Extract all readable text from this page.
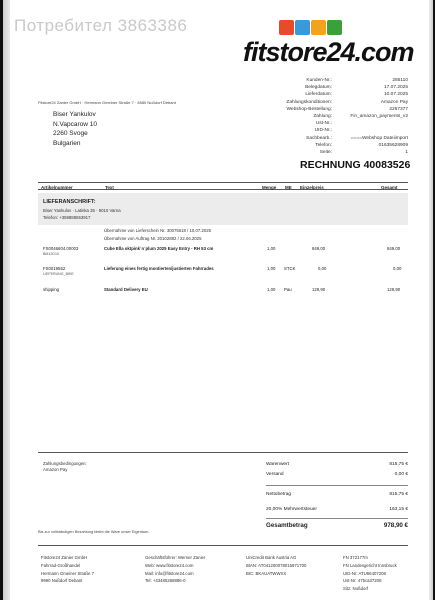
Потребител 3863386
fitstore24.com
Fitstore24 Zanier GmbH · Hermann Gmeiner Straße 7 · 8580 Nußdorf Debant
Biser Yankulov
N.Vapcarow 10
2260 Svoge
Bulgarien
Kunden-Nr.:	285110
Belegdatum:	17.07.2025
Lieferdatum:	10.07.2025
Zahlungskonditionen:	Amazon Pay
Webshop-Bestellung:	2267377
Zahlung:	Fin_amazon_payments_v2
Ust-Nr.:
UID-Nr.:
Sachbearb.:	====Webshop Dateiimport
Telefon:	01635628909
Seite:	1
RECHNUNG 40083526
Artikelnummer	Text	Menge ME Einzelpreis	Gesamt
LIEFERANSCHRIFT:
Biser Yankulov · Latinka 35 · 9010 Varna
Telefon: +359888653917
Übernahme von Lieferschein Nr. 30075618 / 10.07.2025
Übernahme von Auftrag Nr. 20102882 / 22.06.2025
FS0046604.00003
BM12D10
Cube Ella oktpink´n´plum 2025 Easy Entry - RH 53 cm	1,00	849,00	849,00
FS0019552
LIEFERUNG_BIKE
Lieferung eines fertig montierten/justierten Fahrrades	1,00 STCK	0,00	0,00
shipping	Standard Delivery EU	1,00 Pau	129,90	129,90
Zahlungsbedingungen:
Amazon Pay
Warenwert	815,75 €
Versand	0,00 €
Nettobetrag	815,75 €
20,00% Mehrwertsteuer	163,15 €
Gesamtbetrag	978,90 €
Bis zur vollständigen Bezahlung bleibt die Ware unser Eigentum.
Fitstore24 Zanier GmbH
Fahrrad-Großhandel
Hermann Gmeiner Straße 7
9990 Nußdorf Debant
Geschäftsführer: Werner Zanier
Web: www.fitstore24.com
Mail: info@fitstore24.com
Tel: +43485268886-0
UniCredit Bank Austria AG
IBAN: AT041200078015971700
BIC: BKAUATWWXX
FN 372177m
FN Landesgericht Innsbruck
UID-Nr: ATU66407208
Ust-Nr: 475ca37208
Sitz: Nußdorf
